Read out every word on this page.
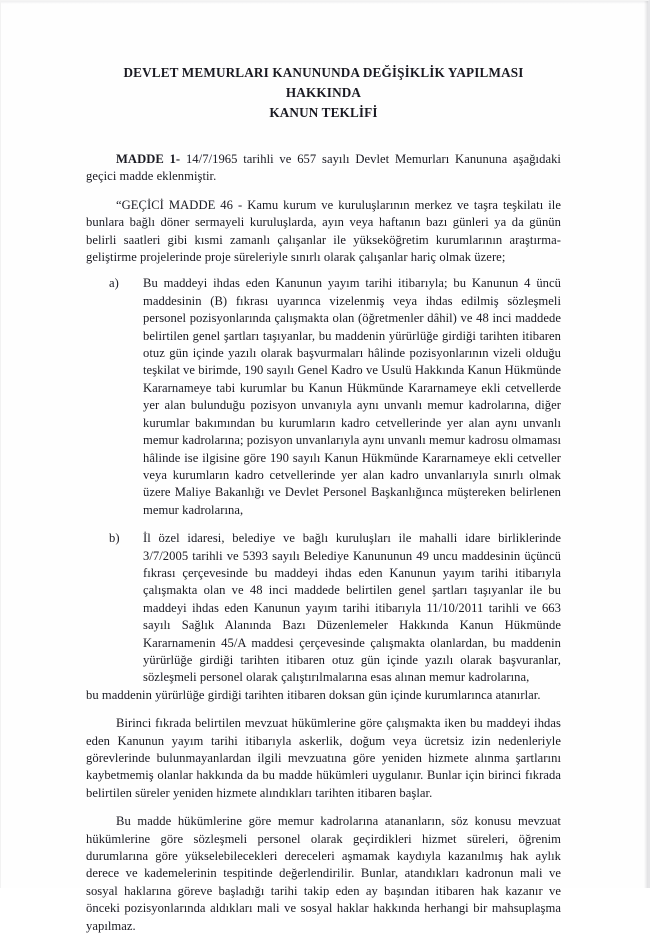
DEVLET MEMURLARI KANUNUNDA DEĞİŞİKLİK YAPILMASI HAKKINDA
KANUN TEKLİFİ

MADDE 1- 14/7/1965 tarihli ve 657 sayılı Devlet Memurları Kanununa aşağıdaki geçici madde eklenmiştir.

“GEÇİCİ MADDE 46 - Kamu kurum ve kuruluşlarının merkez ve taşra teşkilatı ile bunlara bağlı döner sermayeli kuruluşlarda, ayın veya haftanın bazı günleri ya da günün belirli saatleri gibi kısmi zamanlı çalışanlar ile yükseköğretim kurumlarının araştırma-geliştirme projelerinde proje süreleriyle sınırlı olarak çalışanlar hariç olmak üzere;

a)	Bu maddeyi ihdas eden Kanunun yayım tarihi itibarıyla; bu Kanunun 4 üncü maddesinin (B) fıkrası uyarınca vizelenmiş veya ihdas edilmiş sözleşmeli personel pozisyonlarında çalışmakta olan (öğretmenler dâhil) ve 48 inci maddede belirtilen genel şartları taşıyanlar, bu maddenin yürürlüğe girdiği tarihten itibaren otuz gün içinde yazılı olarak başvurmaları hâlinde pozisyonlarının vizeli olduğu teşkilat ve birimde, 190 sayılı Genel Kadro ve Usulü Hakkında Kanun Hükmünde Kararnameye tabi kurumlar bu Kanun Hükmünde Kararnameye ekli cetvellerde yer alan bulunduğu pozisyon unvanıyla aynı unvanlı memur kadrolarına, diğer kurumlar bakımından bu kurumların kadro cetvellerinde yer alan aynı unvanlı memur kadrolarına; pozisyon unvanlarıyla aynı unvanlı memur kadrosu olmaması hâlinde ise ilgisine göre 190 sayılı Kanun Hükmünde Kararnameye ekli cetveller veya kurumların kadro cetvellerinde yer alan kadro unvanlarıyla sınırlı olmak üzere Maliye Bakanlığı ve Devlet Personel Başkanlığınca müştereken belirlenen memur kadrolarına,
b)	İl özel idaresi, belediye ve bağlı kuruluşları ile mahalli idare birliklerinde 3/7/2005 tarihli ve 5393 sayılı Belediye Kanununun 49 uncu maddesinin üçüncü fıkrası çerçevesinde bu maddeyi ihdas eden Kanunun yayım tarihi itibarıyla çalışmakta olan ve 48 inci maddede belirtilen genel şartları taşıyanlar ile bu maddeyi ihdas eden Kanunun yayım tarihi itibarıyla 11/10/2011 tarihli ve 663 sayılı Sağlık Alanında Bazı Düzenlemeler Hakkında Kanun Hükmünde Kararnamenin 45/A maddesi çerçevesinde çalışmakta olanlardan, bu maddenin yürürlüğe girdiği tarihten itibaren otuz gün içinde yazılı olarak başvuranlar, sözleşmeli personel olarak çalıştırılmalarına esas alınan memur kadrolarına,

bu maddenin yürürlüğe girdiği tarihten itibaren doksan gün içinde kurumlarınca atanırlar.

Birinci fıkrada belirtilen mevzuat hükümlerine göre çalışmakta iken bu maddeyi ihdas eden Kanunun yayım tarihi itibarıyla askerlik, doğum veya ücretsiz izin nedenleriyle görevlerinde bulunmayanlardan ilgili mevzuatına göre yeniden hizmete alınma şartlarını kaybetmemiş olanlar hakkında da bu madde hükümleri uygulanır. Bunlar için birinci fıkrada belirtilen süreler yeniden hizmete alındıkları tarihten itibaren başlar.

Bu madde hükümlerine göre memur kadrolarına atananların, söz konusu mevzuat hükümlerine göre sözleşmeli personel olarak geçirdikleri hizmet süreleri, öğrenim durumlarına göre yükselebilecekleri dereceleri aşmamak kaydıyla kazanılmış hak aylık derece ve kademelerinin tespitinde değerlendirilir. Bunlar, atandıkları kadronun mali ve sosyal haklarına göreve başladığı tarihi takip eden ay başından itibaren hak kazanır ve önceki pozisyonlarında aldıkları mali ve sosyal haklar hakkında herhangi bir mahsuplaşma yapılmaz.
